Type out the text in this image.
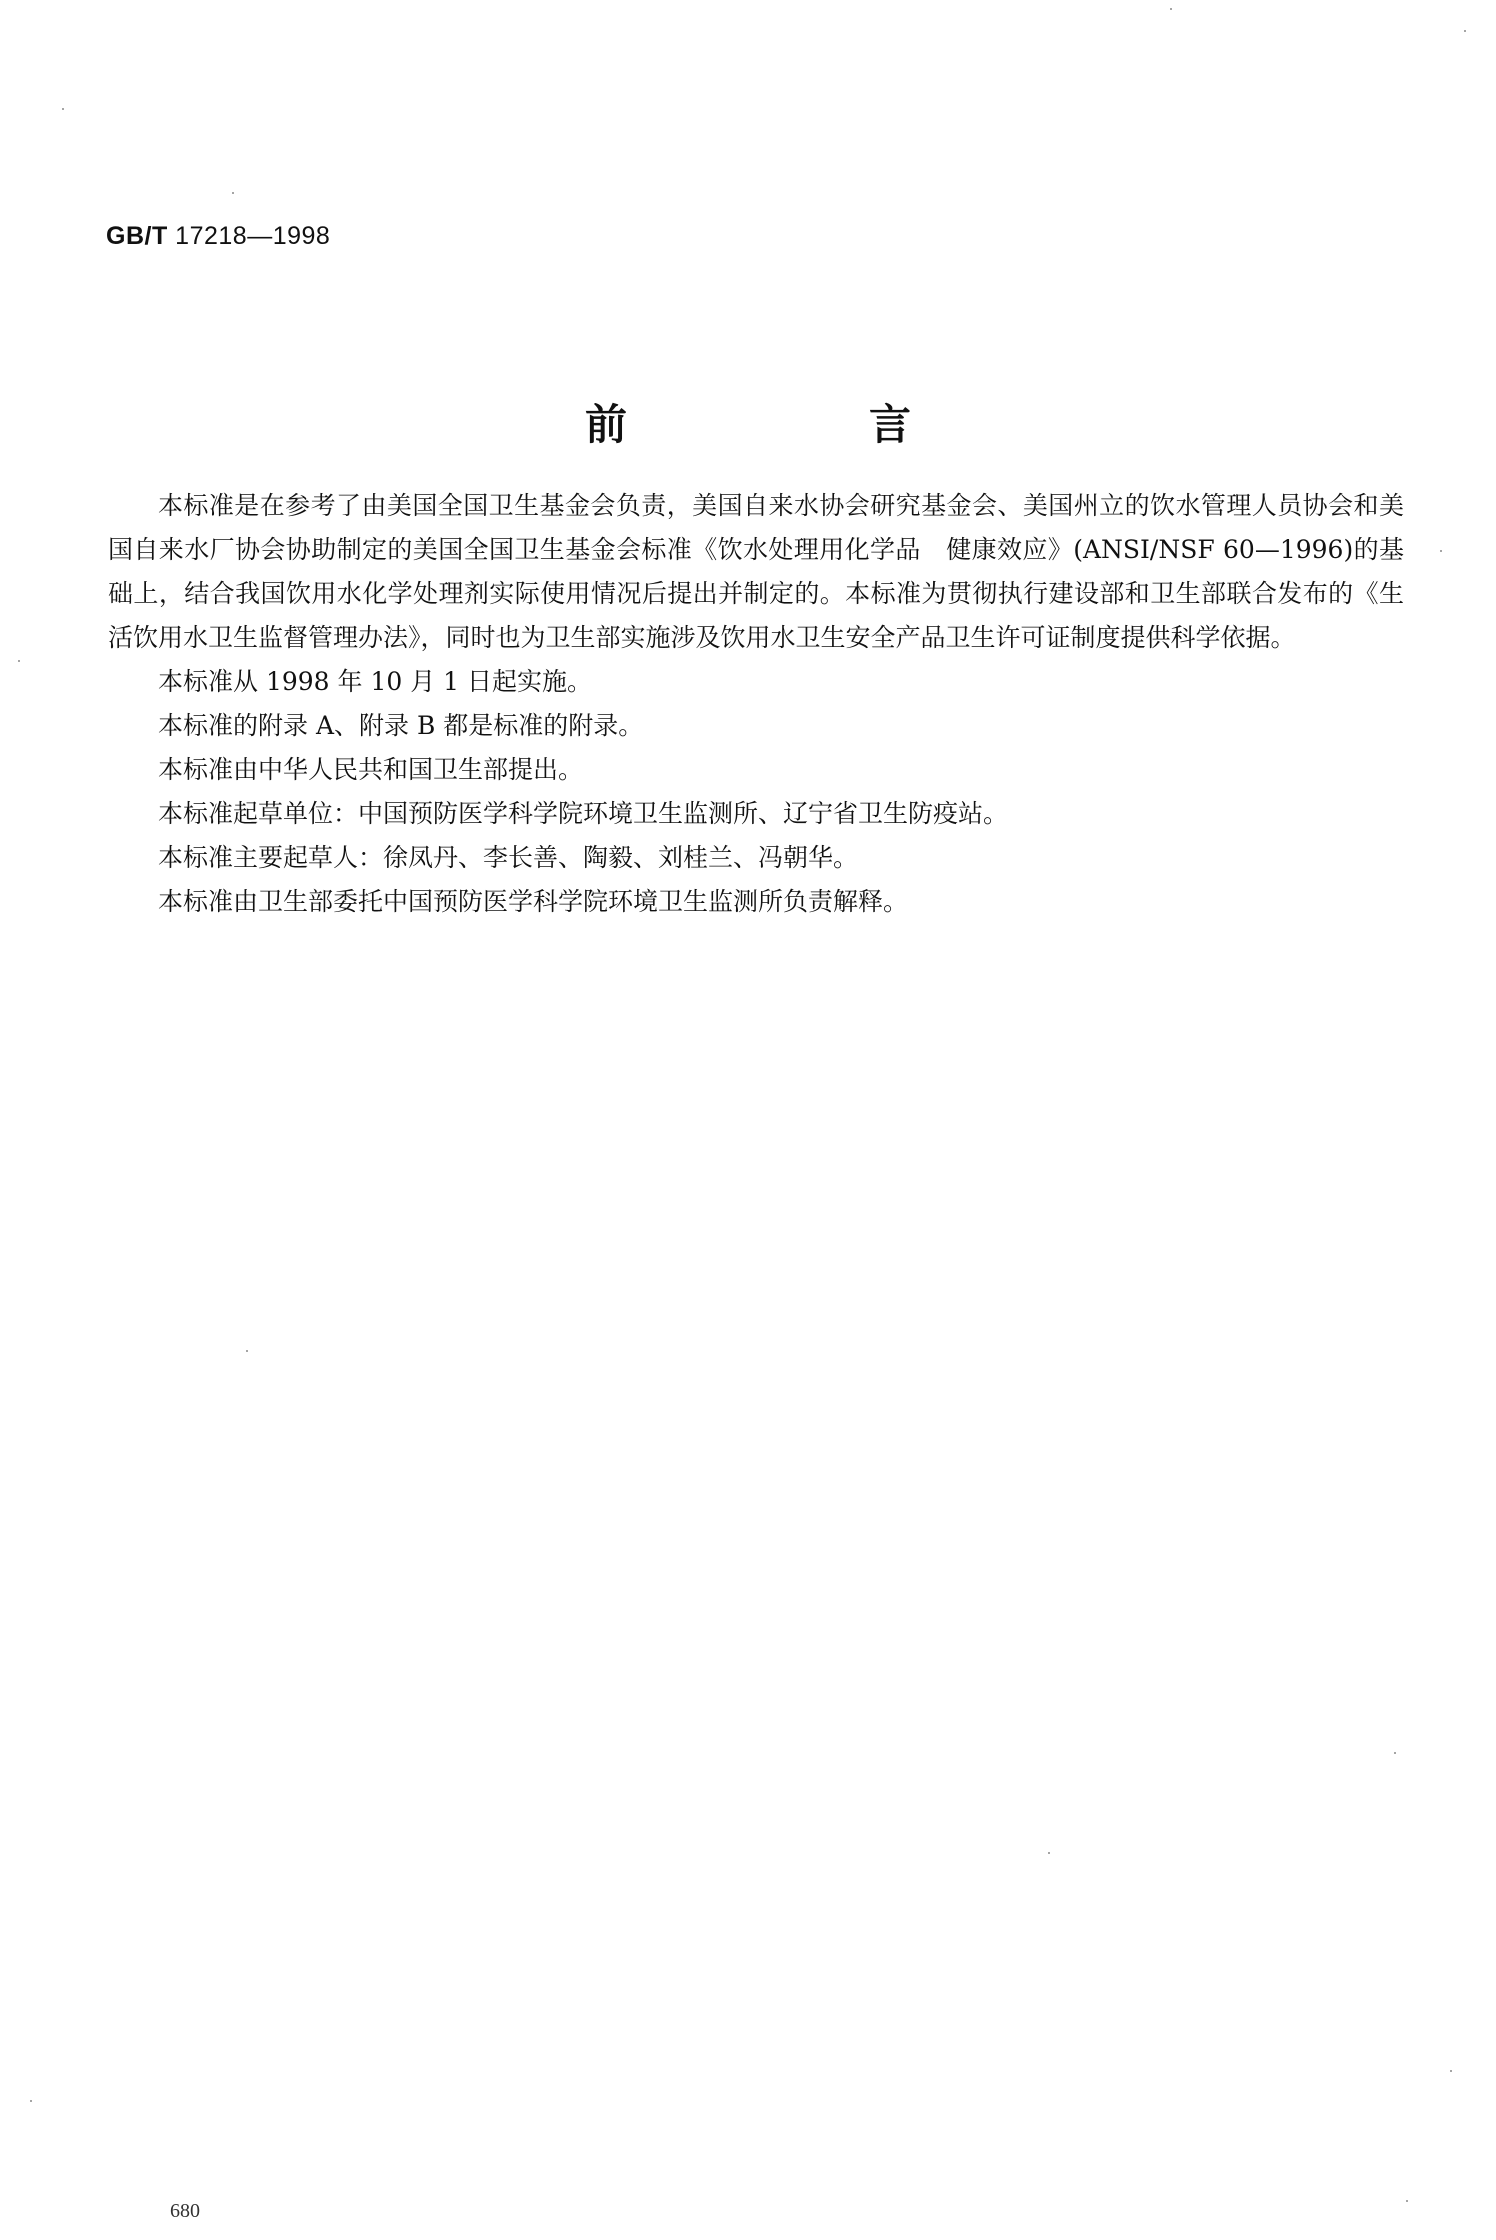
GB/T 17218—1998
前　言

本标准是在参考了由美国全国卫生基金会负责，美国自来水协会研究基金会、美国州立的饮水管理人员协会和美国自来水厂协会协助制定的美国全国卫生基金会标准《饮水处理用化学品　健康效应》(ANSI/NSF 60—1996)的基础上，结合我国饮用水化学处理剂实际使用情况后提出并制定的。本标准为贯彻执行建设部和卫生部联合发布的《生活饮用水卫生监督管理办法》，同时也为卫生部实施涉及饮用水卫生安全产品卫生许可证制度提供科学依据。

本标准从 1998 年 10 月 1 日起实施。

本标准的附录 A、附录 B 都是标准的附录。

本标准由中华人民共和国卫生部提出。

本标准起草单位：中国预防医学科学院环境卫生监测所、辽宁省卫生防疫站。

本标准主要起草人：徐凤丹、李长善、陶毅、刘桂兰、冯朝华。

本标准由卫生部委托中国预防医学科学院环境卫生监测所负责解释。

680
